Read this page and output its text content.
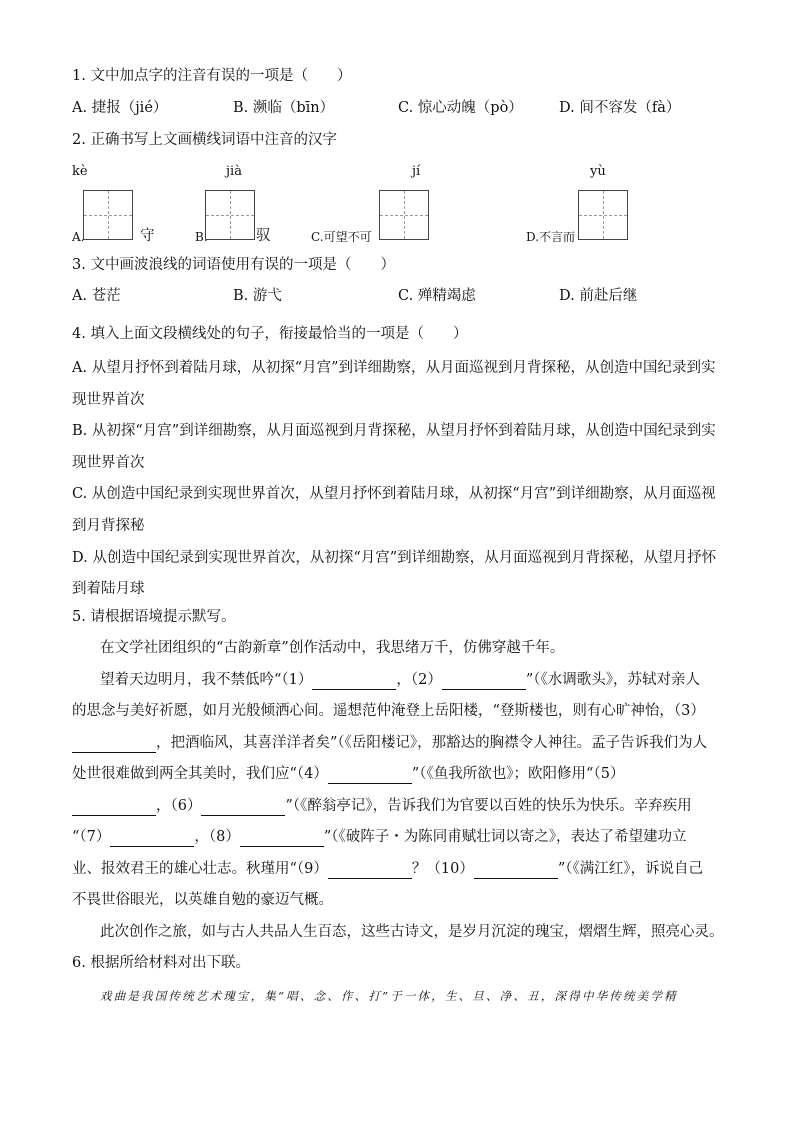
1. 文中加点字的注音有误的一项是（　　）
A. 捷报（jié）	B. 濒临（bīn）	C. 惊心动魄（pò） D. 间不容发（fà）
2. 正确书写上文画横线词语中注音的汉字
kè	jià	jí	yù
A.	守	B.	驭	C.可望不可	D.不言而
3. 文中画波浪线的词语使用有误的一项是（　　）
A. 苍茫	B. 游弋	C. 殚精竭虑	D. 前赴后继
4. 填入上面文段横线处的句子，衔接最恰当的一项是（　　）
A. 从望月抒怀到着陆月球，从初探“月宫”到详细勘察，从月面巡视到月背探秘，从创造中国纪录到实
现世界首次
B. 从初探“月宫”到详细勘察，从月面巡视到月背探秘，从望月抒怀到着陆月球，从创造中国纪录到实
现世界首次
C. 从创造中国纪录到实现世界首次，从望月抒怀到着陆月球，从初探“月宫”到详细勘察，从月面巡视
到月背探秘
D. 从创造中国纪录到实现世界首次，从初探“月宫”到详细勘察，从月面巡视到月背探秘，从望月抒怀
到着陆月球
5. 请根据语境提示默写。
在文学社团组织的“古韵新章”创作活动中，我思绪万千，仿佛穿越千年。
望着天边明月，我不禁低吟“（1）	，（2）	”（《水调歌头》，苏轼对亲人
的思念与美好祈愿，如月光般倾洒心间。遥想范仲淹登上岳阳楼，“登斯楼也，则有心旷神怡，（3）
，把酒临风，其喜洋洋者矣”（《岳阳楼记》，那豁达的胸襟令人神往。孟子告诉我们为人
处世很难做到两全其美时，我们应“（4）	”（《鱼我所欲也》；欧阳修用“（5）
，（6）	”（《醉翁亭记》，告诉我们为官要以百姓的快乐为快乐。辛弃疾用
“（7）	，（8）	”（《破阵子・为陈同甫赋壮词以寄之》，表达了希望建功立
业、报效君王的雄心壮志。秋瑾用“（9）	？（10）	”（《满江红》，诉说自己
不畏世俗眼光，以英雄自勉的豪迈气概。
此次创作之旅，如与古人共品人生百态，这些古诗文，是岁月沉淀的瑰宝，熠熠生辉，照亮心灵。
6. 根据所给材料对出下联。
戏曲是我国传统艺术瑰宝，集“唱、念、作、打”于一体，生、旦、净、丑，深得中华传统美学精
